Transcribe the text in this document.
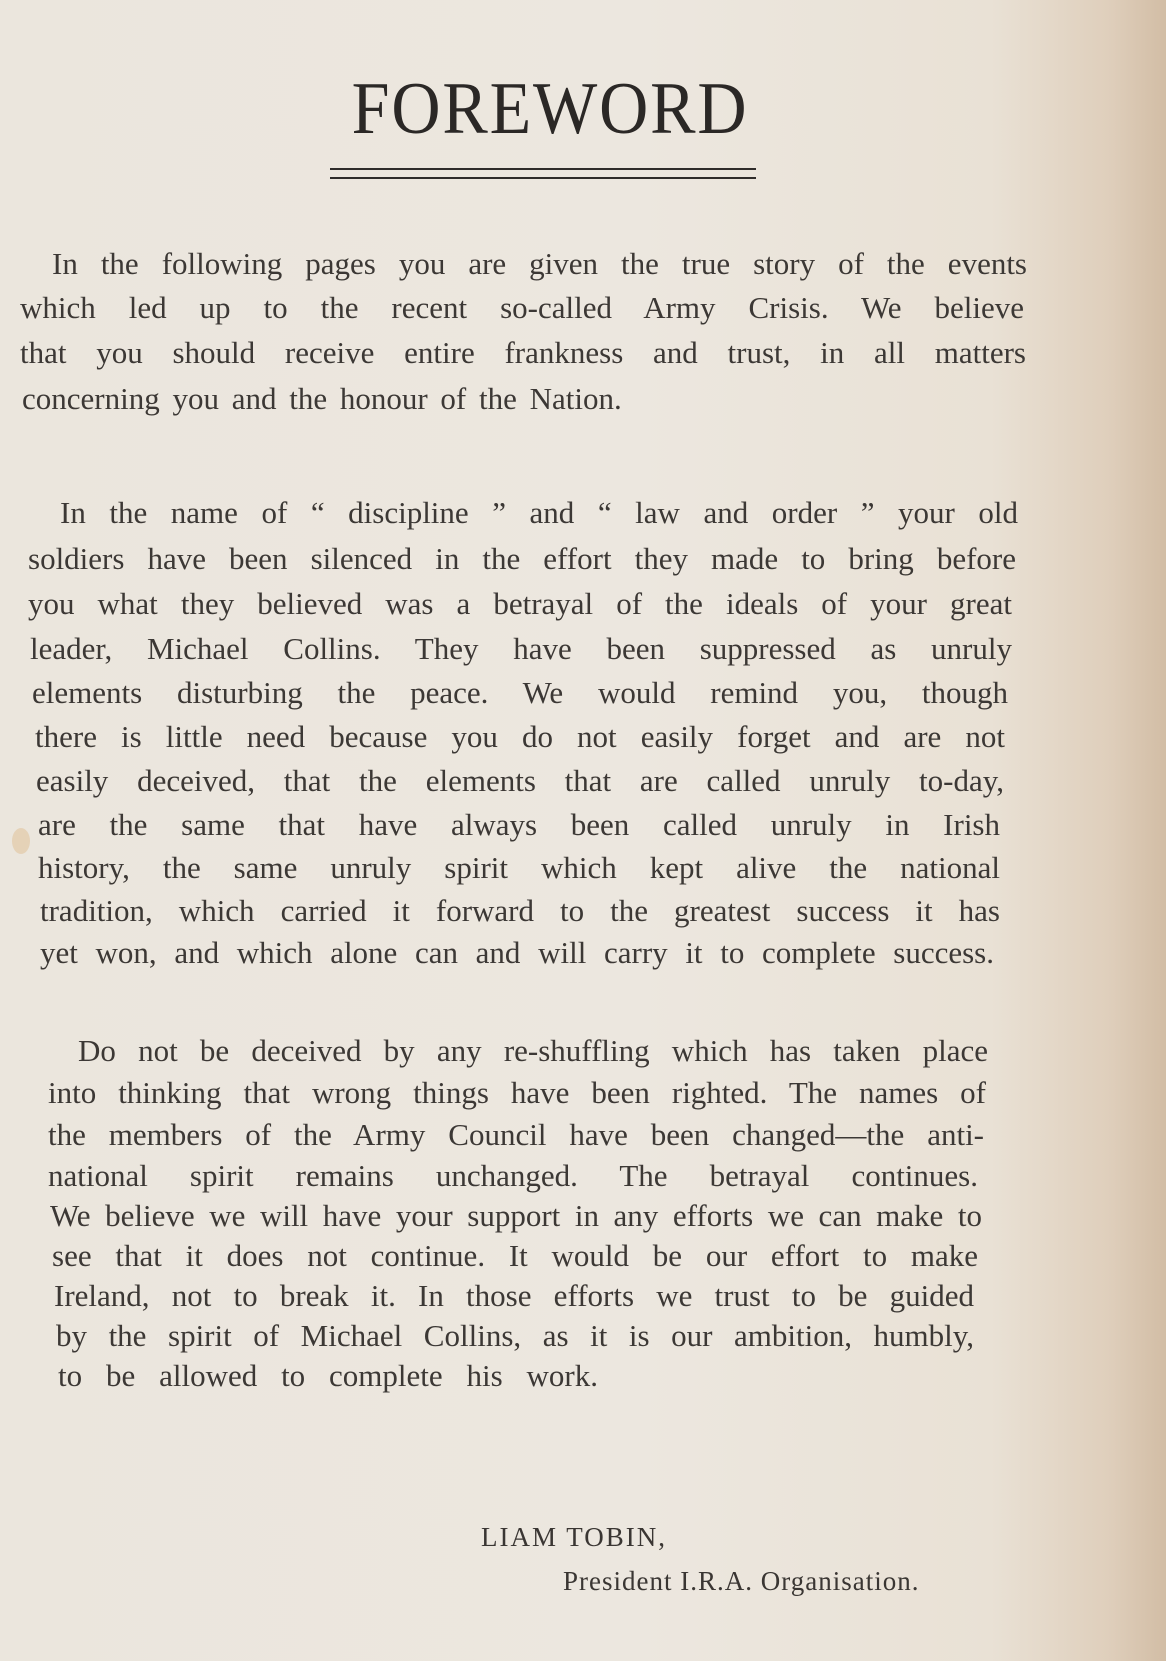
FOREWORD
In the following pages you are given the true story of the events
which led up to the recent so-called Army Crisis. We believe
that you should receive entire frankness and trust, in all matters
concerning you and the honour of the Nation.
In the name of “ discipline ” and “ law and order ” your old
soldiers have been silenced in the effort they made to bring before
you what they believed was a betrayal of the ideals of your great
leader, Michael Collins. They have been suppressed as unruly
elements disturbing the peace. We would remind you, though
there is little need because you do not easily forget and are not
easily deceived, that the elements that are called unruly to-day,
are the same that have always been called unruly in Irish
history, the same unruly spirit which kept alive the national
tradition, which carried it forward to the greatest success it has
yet won, and which alone can and will carry it to complete success.
Do not be deceived by any re-shuffling which has taken place
into thinking that wrong things have been righted. The names of
the members of the Army Council have been changed—the anti-
national spirit remains unchanged. The betrayal continues.
We believe we will have your support in any efforts we can make to
see that it does not continue. It would be our effort to make
Ireland, not to break it. In those efforts we trust to be guided
by the spirit of Michael Collins, as it is our ambition, humbly,
to be allowed to complete his work.
LIAM TOBIN,
President I.R.A. Organisation.
